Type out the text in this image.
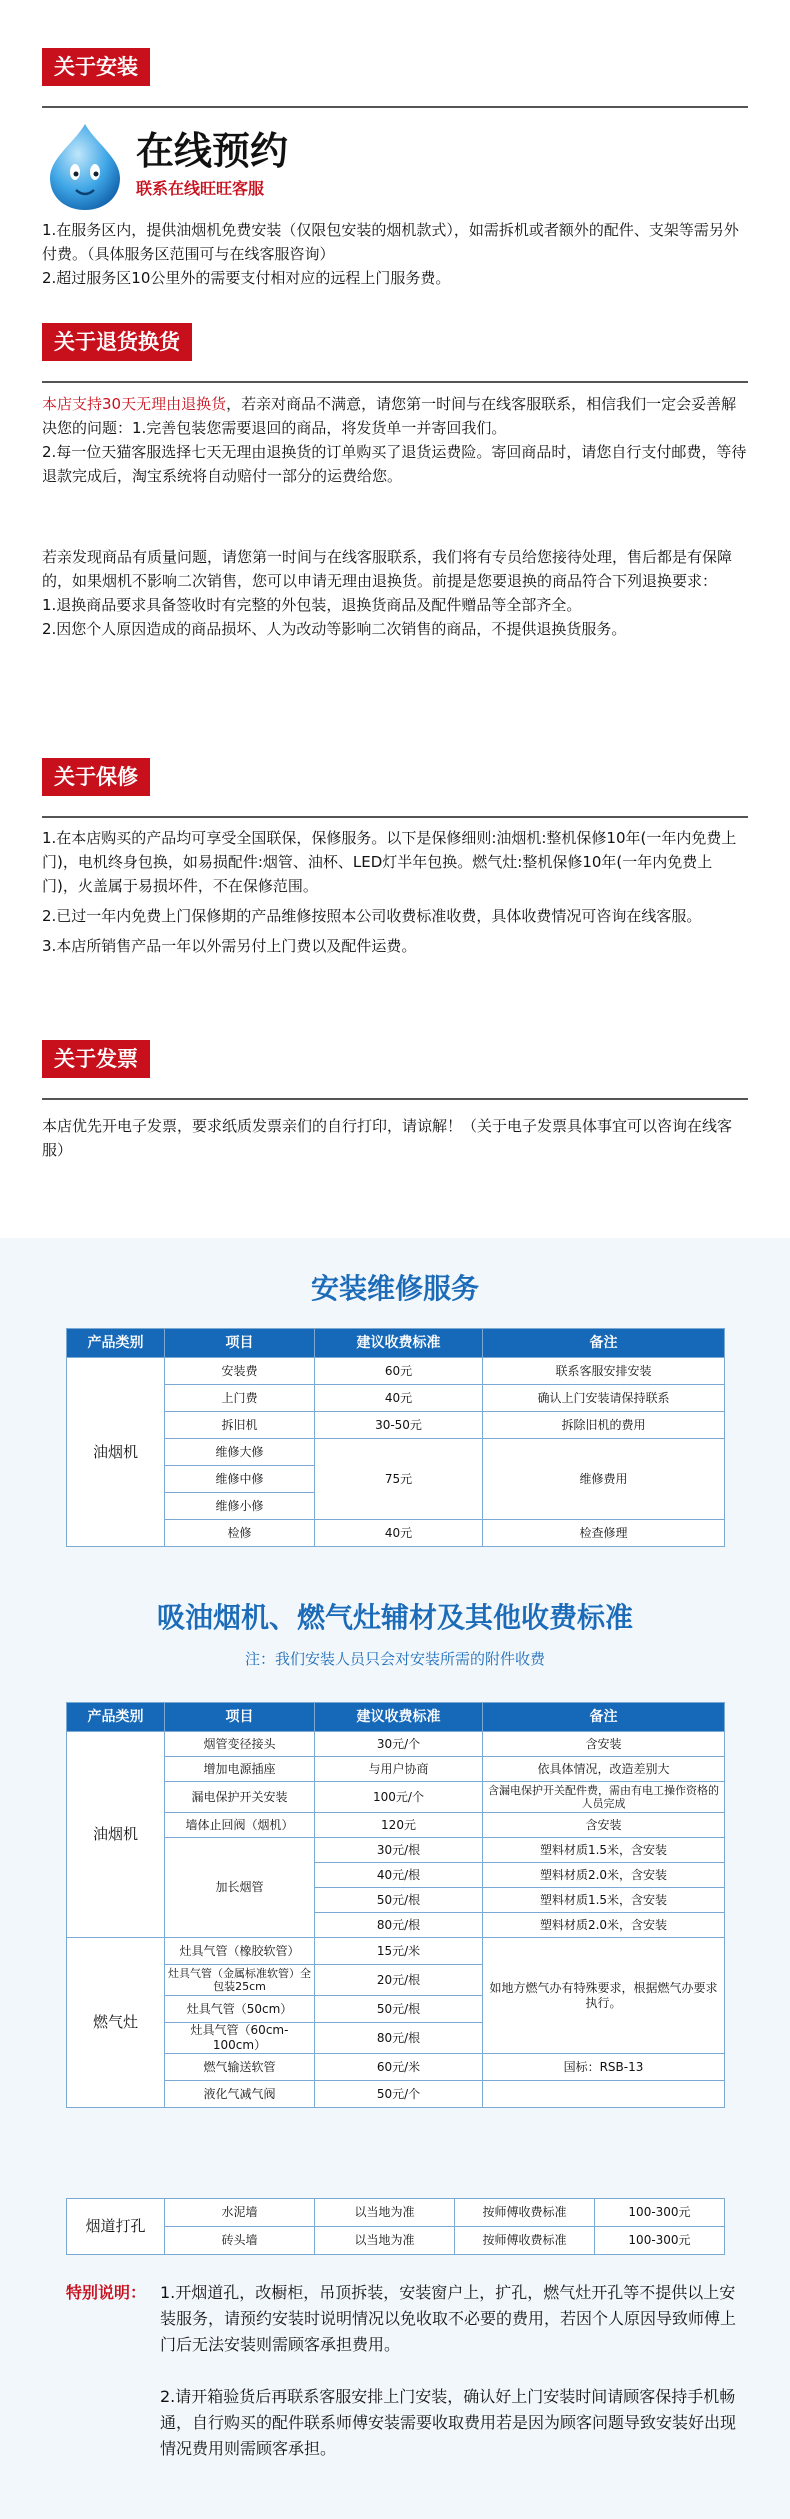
关于安装
在线预约
联系在线旺旺客服
1.在服务区内，提供油烟机免费安装（仅限包安装的烟机款式），如需拆机或者额外的配件、支架等需另外付费。（具体服务区范围可与在线客服咨询）
2.超过服务区10公里外的需要支付相对应的远程上门服务费。
关于退货换货
本店支持30天无理由退换货，若亲对商品不满意，请您第一时间与在线客服联系，相信我们一定会妥善解决您的问题：1.完善包装您需要退回的商品，将发货单一并寄回我们。
2.每一位天猫客服选择七天无理由退换货的订单购买了退货运费险。寄回商品时，请您自行支付邮费，等待退款完成后，淘宝系统将自动赔付一部分的运费给您。
若亲发现商品有质量问题，请您第一时间与在线客服联系，我们将有专员给您接待处理，售后都是有保障的，如果烟机不影响二次销售，您可以申请无理由退换货。前提是您要退换的商品符合下列退换要求：
1.退换商品要求具备签收时有完整的外包装，退换货商品及配件赠品等全部齐全。
2.因您个人原因造成的商品损坏、人为改动等影响二次销售的商品，不提供退换货服务。
关于保修
1.在本店购买的产品均可享受全国联保，保修服务。以下是保修细则:油烟机:整机保修10年(一年内免费上门)，电机终身包换，如易损配件:烟管、油杯、LED灯半年包换。燃气灶:整机保修10年(一年内免费上门)，火盖属于易损坏件，不在保修范围。
2.已过一年内免费上门保修期的产品维修按照本公司收费标准收费，具体收费情况可咨询在线客服。
3.本店所销售产品一年以外需另付上门费以及配件运费。
关于发票
本店优先开电子发票，要求纸质发票亲们的自行打印，请谅解！（关于电子发票具体事宜可以咨询在线客服）
安装维修服务
产品类别	项目	建议收费标准	备注
油烟机	安装费	60元	联系客服安排安装
	上门费	40元	确认上门安装请保持联系
	拆旧机	30-50元	拆除旧机的费用
	维修大修	75元	维修费用
	维修中修		
	维修小修		
	检修	40元	检查修理
吸油烟机、燃气灶辅材及其他收费标准
注：我们安装人员只会对安装所需的附件收费
产品类别	项目	建议收费标准	备注
油烟机	烟管变径接头	30元/个	含安装
	增加电源插座	与用户协商	依具体情况，改造差别大
	漏电保护开关安装	100元/个	含漏电保护开关配件费，需由有电工操作资格的人员完成
	墙体止回阀（烟机）	120元	含安装
	加长烟管	30元/根	塑料材质1.5米，含安装
		40元/根	塑料材质2.0米，含安装
		50元/根	塑料材质1.5米，含安装
		80元/根	塑料材质2.0米，含安装
燃气灶	灶具气管（橡胶软管）	15元/米	如地方燃气办有特殊要求，根据燃气办要求执行。
	灶具气管（金属标准软管）全包装25cm	20元/根	
	灶具气管（50cm）	50元/根	
	灶具气管（60cm-100cm）	80元/根	
	燃气输送软管	60元/米	国标：RSB-13
	液化气减气阀	50元/个	
烟道打孔	水泥墙	以当地为准	按师傅收费标准	100-300元
	砖头墙	以当地为准	按师傅收费标准	100-300元
特别说明： 1.开烟道孔，改橱柜，吊顶拆装，安装窗户上，扩孔，燃气灶开孔等不提供以上安装服务，请预约安装时说明情况以免收取不必要的费用，若因个人原因导致师傅上门后无法安装则需顾客承担费用。
2.请开箱验货后再联系客服安排上门安装，确认好上门安装时间请顾客保持手机畅通，自行购买的配件联系师傅安装需要收取费用若是因为顾客问题导致安装好出现情况费用则需顾客承担。
